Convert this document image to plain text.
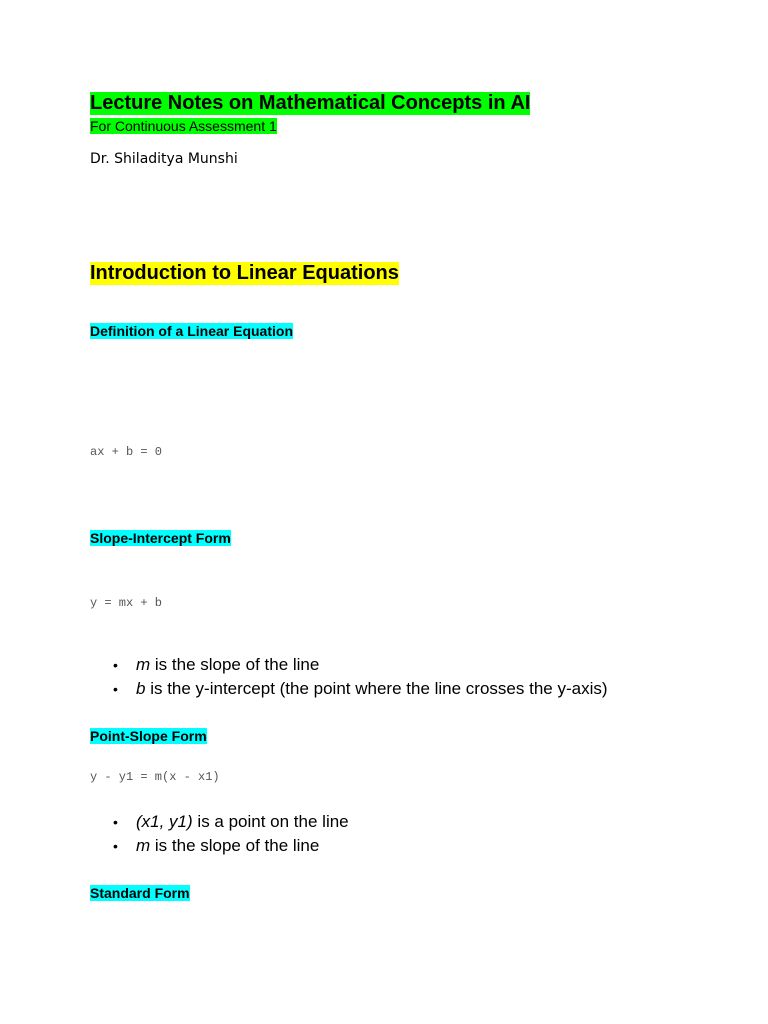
Lecture Notes on Mathematical Concepts in AI
For Continuous Assessment 1
Dr. Shiladitya Munshi
Introduction to Linear Equations
Definition of a Linear Equation
ax + b = 0
Slope-Intercept Form
y = mx + b
• m is the slope of the line
• b is the y-intercept (the point where the line crosses the y-axis)
Point-Slope Form
y - y1 = m(x - x1)
• (x1, y1) is a point on the line
• m is the slope of the line
Standard Form
